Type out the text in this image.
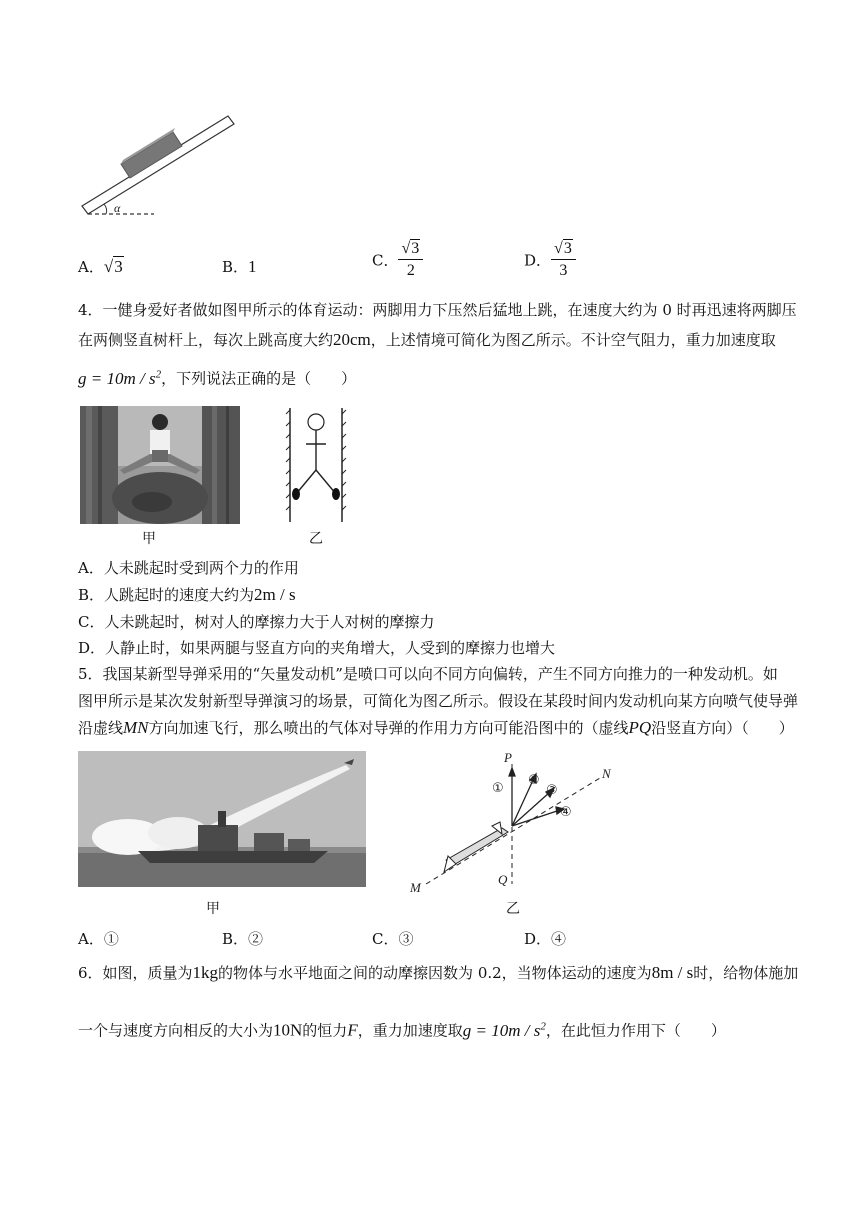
α
A．√3	B．1	C． $\frac{√3}{2}$	D． $\frac{√3}{3}$
4．一健身爱好者做如图甲所示的体育运动：两脚用力下压然后猛地上跳，在速度大约为 0 时再迅速将两脚压
在两侧竖直树杆上，每次上跳高度大约20cm，上述情境可简化为图乙所示。不计空气阻力，重力加速度取
$g = 10m / s^2$，下列说法正确的是（　　）
甲	乙
A．人未跳起时受到两个力的作用
B．人跳起时的速度大约为2m / s
C．人未跳起时，树对人的摩擦力大于人对树的摩擦力
D．人静止时，如果两腿与竖直方向的夹角增大，人受到的摩擦力也增大
5．我国某新型导弹采用的“矢量发动机”是喷口可以向不同方向偏转，产生不同方向推力的一种发动机。如
图甲所示是某次发射新型导弹演习的场景，可简化为图乙所示。假设在某段时间内发动机向某方向喷气使导弹
沿虚线MN方向加速飞行，那么喷出的气体对导弹的作用力方向可能沿图中的（虚线PQ沿竖直方向）（　　）
甲
P
Q
M
N
①
②
③
④
乙
A．①	B．②	C．③	D．④
6．如图，质量为1kg的物体与水平地面之间的动摩擦因数为 0.2，当物体运动的速度为8m / s时，给物体施加
一个与速度方向相反的大小为10N的恒力F，重力加速度取$g = 10m / s^2$，在此恒力作用下（　　）
